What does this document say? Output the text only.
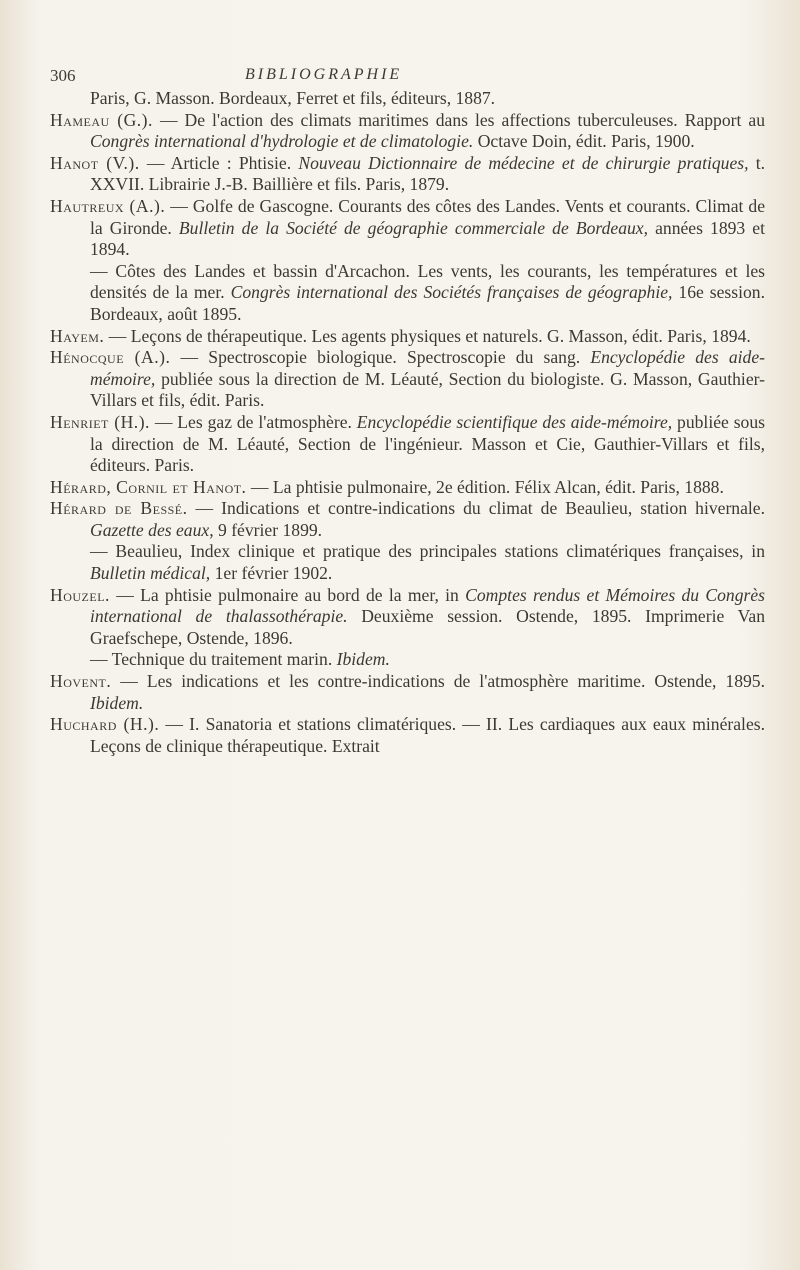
306	BIBLIOGRAPHIE

Paris, G. Masson. Bordeaux, Ferret et fils, éditeurs, 1887.

Hameau (G.). — De l'action des climats maritimes dans les affections tuberculeuses. Rapport au Congrès international d'hydrologie et de climatologie. Octave Doin, édit. Paris, 1900.

Hanot (V.). — Article : Phtisie. Nouveau Dictionnaire de médecine et de chirurgie pratiques, t. XXVII. Librairie J.-B. Baillière et fils. Paris, 1879.

Hautreux (A.). — Golfe de Gascogne. Courants des côtes des Landes. Vents et courants. Climat de la Gironde. Bulletin de la Société de géographie commerciale de Bordeaux, années 1893 et 1894.

— Côtes des Landes et bassin d'Arcachon. Les vents, les courants, les températures et les densités de la mer. Congrès international des Sociétés françaises de géographie, 16e session. Bordeaux, août 1895.

Hayem. — Leçons de thérapeutique. Les agents physiques et naturels. G. Masson, édit. Paris, 1894.

Hénocque (A.). — Spectroscopie biologique. Spectroscopie du sang. Encyclopédie des aide-mémoire, publiée sous la direction de M. Léauté, Section du biologiste. G. Masson, Gauthier-Villars et fils, édit. Paris.

Henriet (H.). — Les gaz de l'atmosphère. Encyclopédie scientifique des aide-mémoire, publiée sous la direction de M. Léauté, Section de l'ingénieur. Masson et Cie, Gauthier-Villars et fils, éditeurs. Paris.

Hérard, Cornil et Hanot. — La phtisie pulmonaire, 2e édition. Félix Alcan, édit. Paris, 1888.

Hérard de Bessé. — Indications et contre-indications du climat de Beaulieu, station hivernale. Gazette des eaux, 9 février 1899.

— Beaulieu, Index clinique et pratique des principales stations climatériques françaises, in Bulletin médical, 1er février 1902.

Houzel. — La phtisie pulmonaire au bord de la mer, in Comptes rendus et Mémoires du Congrès international de thalassothérapie. Deuxième session. Ostende, 1895. Imprimerie Van Graefschepe, Ostende, 1896.

— Technique du traitement marin. Ibidem.

Hovent. — Les indications et les contre-indications de l'atmosphère maritime. Ostende, 1895. Ibidem.

Huchard (H.). — I. Sanatoria et stations climatériques. — II. Les cardiaques aux eaux minérales. Leçons de clinique thérapeutique. Extrait
